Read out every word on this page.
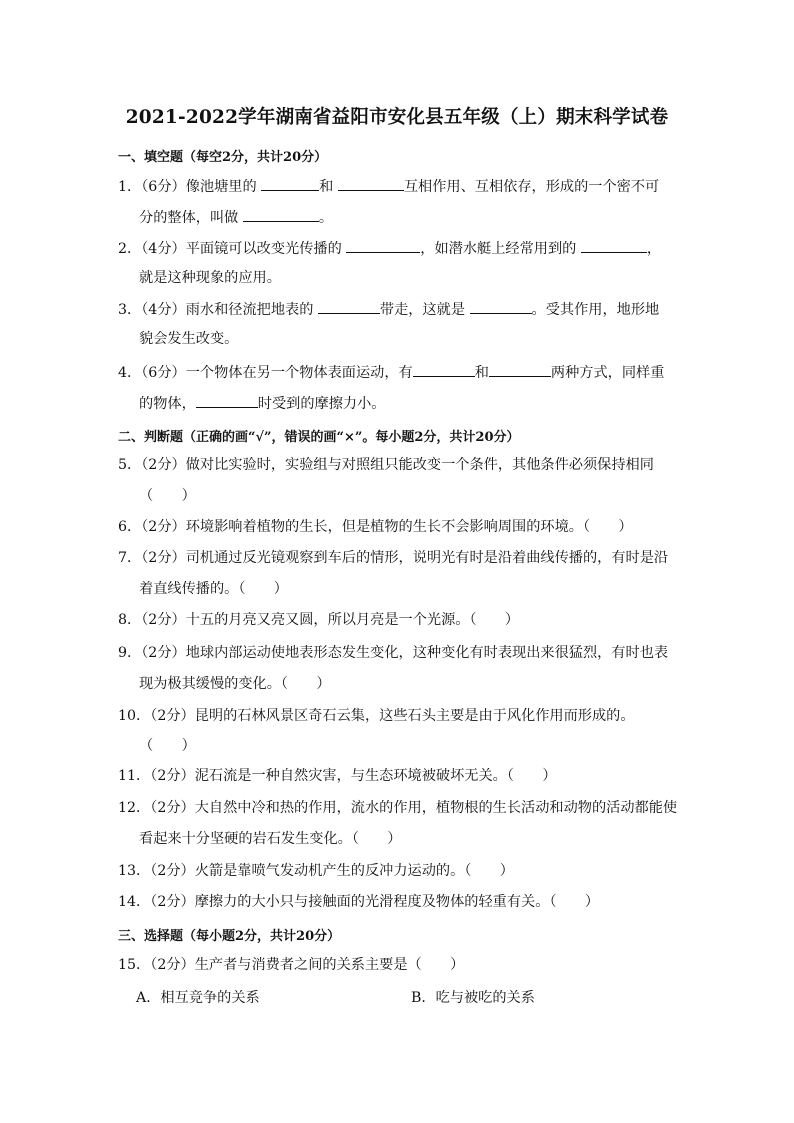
2021-2022学年湖南省益阳市安化县五年级（上）期末科学试卷
一、填空题（每空2分，共计20分）
1．（6分）像池塘里的	和	互相作用、互相依存，形成的一个密不可
分的整体，叫做	。
2．（4分）平面镜可以改变光传播的	，如潜水艇上经常用到的	，
就是这种现象的应用。
3．（4分）雨水和径流把地表的	带走，这就是	。受其作用，地形地
貌会发生改变。
4．（6分）一个物体在另一个物体表面运动，有	和	两种方式，同样重
的物体，	时受到的摩擦力小。
二、判断题（正确的画“√”，错误的画“×”。每小题2分，共计20分）
5．（2分）做对比实验时，实验组与对照组只能改变一个条件，其他条件必须保持相同
（　　）
6．（2分）环境影响着植物的生长，但是植物的生长不会影响周围的环境。（　　）
7．（2分）司机通过反光镜观察到车后的情形，说明光有时是沿着曲线传播的，有时是沿
着直线传播的。（　　）
8．（2分）十五的月亮又亮又圆，所以月亮是一个光源。（　　）
9．（2分）地球内部运动使地表形态发生变化，这种变化有时表现出来很猛烈，有时也表
现为极其缓慢的变化。（　　）
10．（2分）昆明的石林风景区奇石云集，这些石头主要是由于风化作用而形成的。
（　　）
11．（2分）泥石流是一种自然灾害，与生态环境被破坏无关。（　　）
12．（2分）大自然中冷和热的作用，流水的作用，植物根的生长活动和动物的活动都能使
看起来十分坚硬的岩石发生变化。（　　）
13．（2分）火箭是靠喷气发动机产生的反冲力运动的。（　　）
14．（2分）摩擦力的大小只与接触面的光滑程度及物体的轻重有关。（　　）
三、选择题（每小题2分，共计20分）
15．（2分）生产者与消费者之间的关系主要是（　　）
A．相互竞争的关系	B．吃与被吃的关系
